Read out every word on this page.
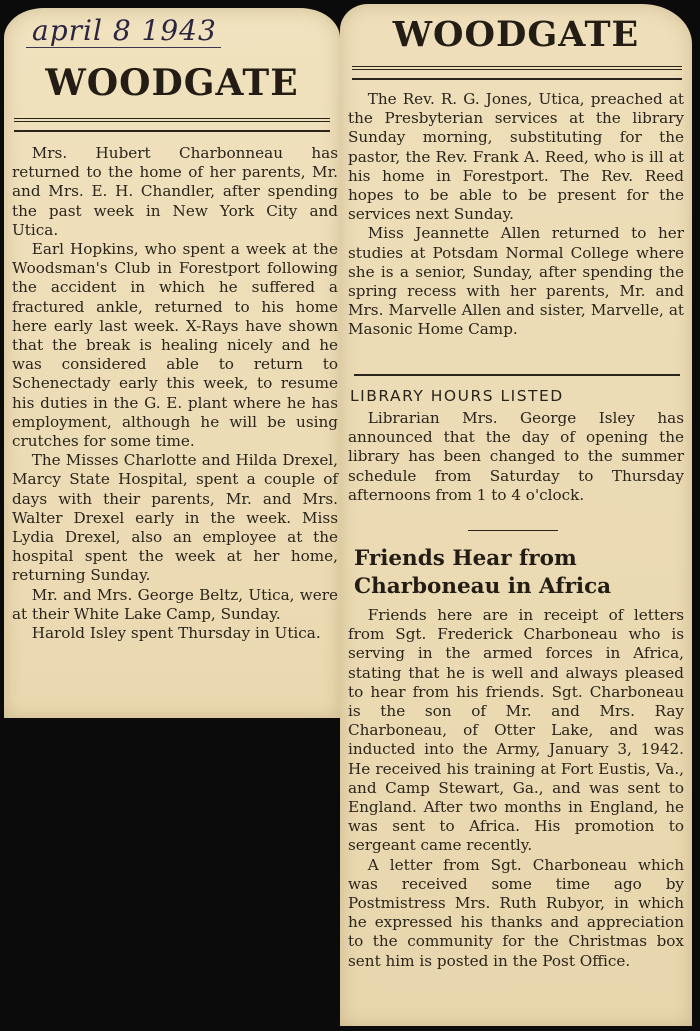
april 8 1943
WOODGATE

Mrs. Hubert Charbonneau has returned to the home of her parents, Mr. and Mrs. E. H. Chandler, after spending the past week in New York City and Utica.

Earl Hopkins, who spent a week at the Woodsman's Club in Forestport following the accident in which he suffered a fractured ankle, returned to his home here early last week. X-Rays have shown that the break is healing nicely and he was considered able to return to Schenectady early this week, to resume his duties in the G. E. plant where he has employment, although he will be using crutches for some time.

The Misses Charlotte and Hilda Drexel, Marcy State Hospital, spent a couple of days with their parents, Mr. and Mrs. Walter Drexel early in the week. Miss Lydia Drexel, also an employee at the hospital spent the week at her home, returning Sunday.

Mr. and Mrs. George Beltz, Utica, were at their White Lake Camp, Sunday.

Harold Isley spent Thursday in Utica.

WOODGATE

The Rev. R. G. Jones, Utica, preached at the Presbyterian services at the library Sunday morning, substituting for the pastor, the Rev. Frank A. Reed, who is ill at his home in Forestport. The Rev. Reed hopes to be able to be present for the services next Sunday.

Miss Jeannette Allen returned to her studies at Potsdam Normal College where she is a senior, Sunday, after spending the spring recess with her parents, Mr. and Mrs. Marvelle Allen and sister, Marvelle, at Masonic Home Camp.

LIBRARY HOURS LISTED

Librarian Mrs. George Isley has announced that the day of opening the library has been changed to the summer schedule from Saturday to Thursday afternoons from 1 to 4 o'clock.

Friends Hear from
Charboneau in Africa

Friends here are in receipt of letters from Sgt. Frederick Charboneau who is serving in the armed forces in Africa, stating that he is well and always pleased to hear from his friends. Sgt. Charboneau is the son of Mr. and Mrs. Ray Charboneau, of Otter Lake, and was inducted into the Army, January 3, 1942. He received his training at Fort Eustis, Va., and Camp Stewart, Ga., and was sent to England. After two months in England, he was sent to Africa. His promotion to sergeant came recently.

A letter from Sgt. Charboneau which was received some time ago by Postmistress Mrs. Ruth Rubyor, in which he expressed his thanks and appreciation to the community for the Christmas box sent him is posted in the Post Office.
